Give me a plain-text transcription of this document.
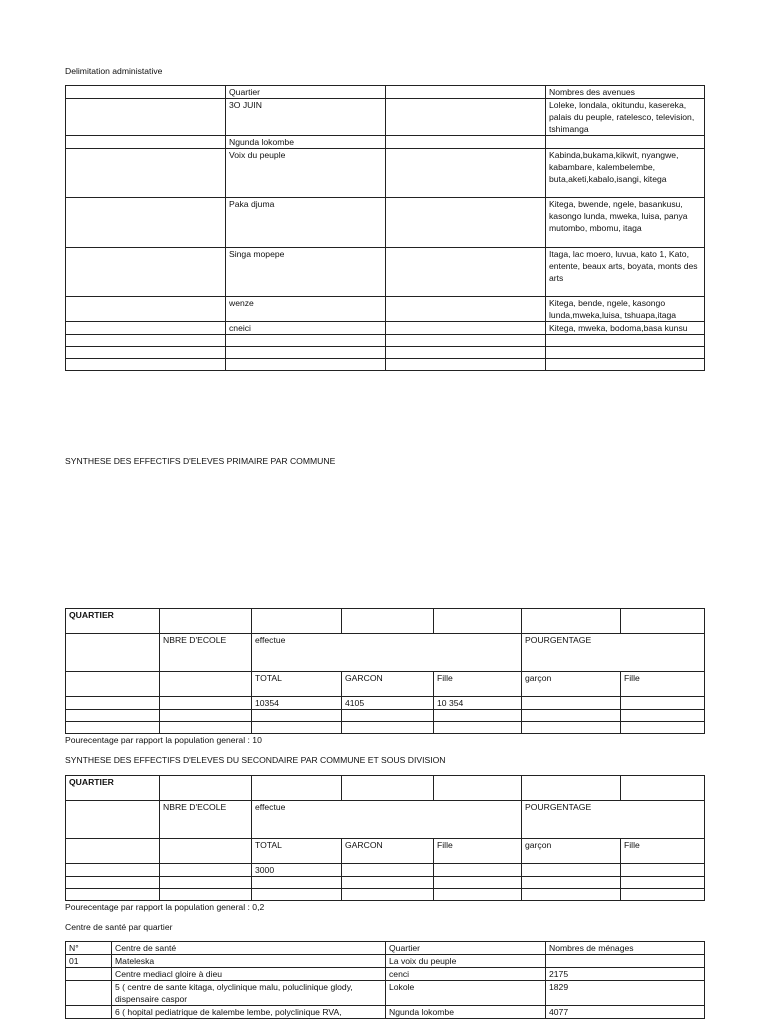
Delimitation administative
	Quartier		Nombres des avenues
	3O JUIN		Loleke, londala, okitundu, kasereka, palais du peuple, ratelesco, television, tshimanga
	Ngunda lokombe		
	Voix du peuple		Kabinda,bukama,kikwit, nyangwe, kabambare, kalembelembe, buta,aketi,kabalo,isangi, kitega
	Paka djuma		Kitega, bwende, ngele, basankusu, kasongo lunda, mweka, luisa, panya mutombo, mbomu, itaga
	Singa mopepe		Itaga, lac moero, luvua, kato 1, Kato, entente, beaux arts, boyata, monts des arts
	wenze		Kitega, bende, ngele, kasongo lunda,mweka,luisa, tshuapa,itaga
	cneici		Kitega, mweka, bodoma,basa kunsu

SYNTHESE DES EFFECTIFS D'ELEVES PRIMAIRE PAR COMMUNE
QUARTIER						
	NBRE D'ECOLE	effectue			POURGENTAGE	
		TOTAL	GARCON	Fille	garçon	Fille
		10354	4105	10 354		

Pourecentage par rapport la population general : 10
SYNTHESE DES EFFECTIFS D'ELEVES DU SECONDAIRE PAR COMMUNE ET SOUS DIVISION
QUARTIER						
	NBRE D'ECOLE	effectue			POURGENTAGE	
		TOTAL	GARCON	Fille	garçon	Fille
		3000				

Pourecentage par rapport la population general : 0,2
Centre de santé par quartier
N°	Centre de santé	Quartier	Nombres de ménages
01	Mateleska	La voix du peuple	
	Centre mediacl gloire à dieu	cenci	2175
	5 ( centre de sante kitaga, olyclinique malu, poluclinique glody, dispensaire caspor	Lokole	1829
	6 ( hopital pediatrique de kalembe lembe, polyclinique RVA,	Ngunda lokombe	4077
